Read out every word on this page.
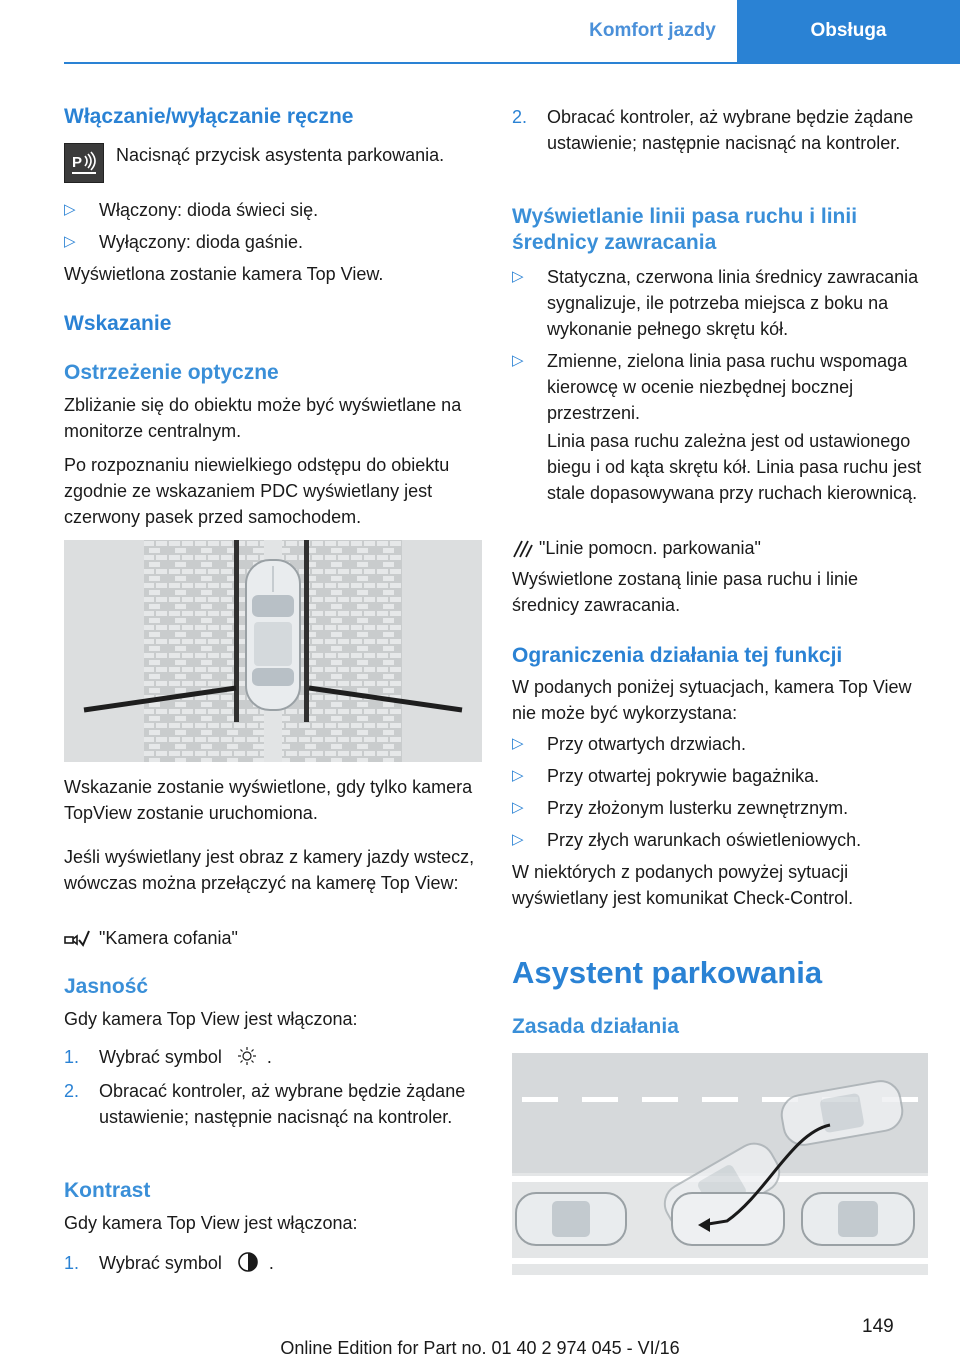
Komfort jazdy	Obsługa
Włączanie/wyłączanie ręczne
P Nacisnąć przycisk asystenta parkowania.
▷	Włączony: dioda świeci się.
▷	Wyłączony: dioda gaśnie.
Wyświetlona zostanie kamera Top View.
Wskazanie
Ostrzeżenie optyczne
Zbliżanie się do obiektu może być wyświetlane na monitorze centralnym.
Po rozpoznaniu niewielkiego odstępu do obiektu zgodnie ze wskazaniem PDC wyświetlany jest czerwony pasek przed samochodem.
Wskazanie zostanie wyświetlone, gdy tylko kamera TopView zostanie uruchomiona.
Jeśli wyświetlany jest obraz z kamery jazdy wstecz, wówczas można przełączyć na kamerę Top View:
"Kamera cofania"
Jasność
Gdy kamera Top View jest włączona:
1.	Wybrać symbol	.
2.	Obracać kontroler, aż wybrane będzie żądane ustawienie; następnie nacisnąć na kontroler.
Kontrast
Gdy kamera Top View jest włączona:
1.	Wybrać symbol	.
2.	Obracać kontroler, aż wybrane będzie żądane ustawienie; następnie nacisnąć na kontroler.
Wyświetlanie linii pasa ruchu i linii średnicy zawracania
▷	Statyczna, czerwona linia średnicy zawracania sygnalizuje, ile potrzeba miejsca z boku na wykonanie pełnego skrętu kół.
▷	Zmienne, zielona linia pasa ruchu wspomaga kierowcę w ocenie niezbędnej bocznej przestrzeni.
Linia pasa ruchu zależna jest od ustawionego biegu i od kąta skrętu kół. Linia pasa ruchu jest stale dopasowywana przy ruchach kierownicą.
"Linie pomocn. parkowania"
Wyświetlone zostaną linie pasa ruchu i linie średnicy zawracania.
Ograniczenia działania tej funkcji
W podanych poniżej sytuacjach, kamera Top View nie może być wykorzystana:
▷	Przy otwartych drzwiach.
▷	Przy otwartej pokrywie bagażnika.
▷	Przy złożonym lusterku zewnętrznym.
▷	Przy złych warunkach oświetleniowych.
W niektórych z podanych powyżej sytuacji wyświetlany jest komunikat Check-Control.
Asystent parkowania
Zasada działania
149
Online Edition for Part no. 01 40 2 974 045 - VI/16
